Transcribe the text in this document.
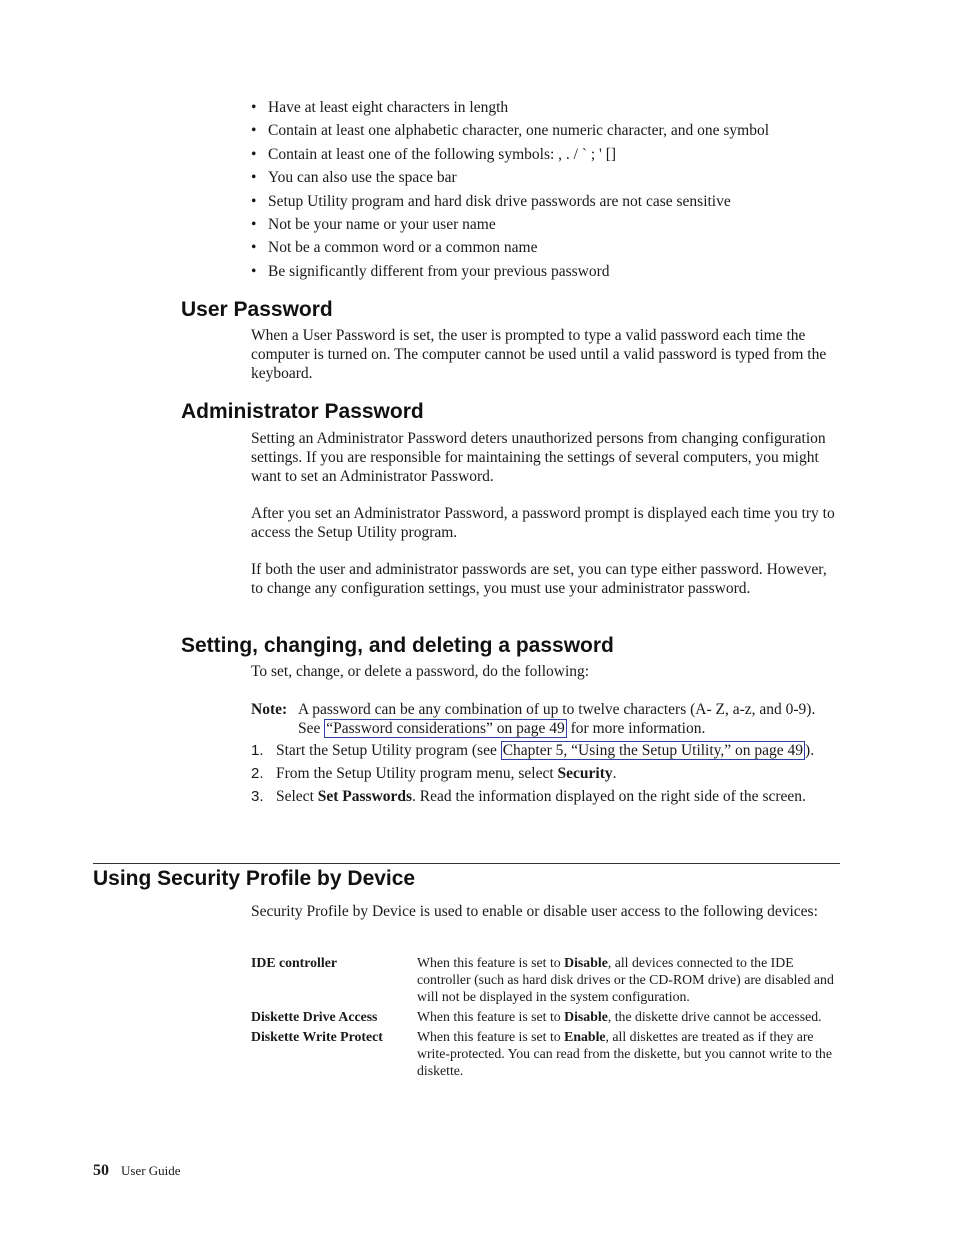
• Have at least eight characters in length
• Contain at least one alphabetic character, one numeric character, and one symbol
• Contain at least one of the following symbols: , . / ` ; ' []
• You can also use the space bar
• Setup Utility program and hard disk drive passwords are not case sensitive
• Not be your name or your user name
• Not be a common word or a common name
• Be significantly different from your previous password
User Password

When a User Password is set, the user is prompted to type a valid password each time the computer is turned on. The computer cannot be used until a valid password is typed from the keyboard.

Administrator Password

Setting an Administrator Password deters unauthorized persons from changing configuration settings. If you are responsible for maintaining the settings of several computers, you might want to set an Administrator Password.

After you set an Administrator Password, a password prompt is displayed each time you try to access the Setup Utility program.

If both the user and administrator passwords are set, you can type either password. However, to change any configuration settings, you must use your administrator password.

Setting, changing, and deleting a password

To set, change, or delete a password, do the following:

Note: A password can be any combination of up to twelve characters (A- Z, a-z, and 0-9). See “Password considerations” on page 49 for more information.
1. Start the Setup Utility program (see Chapter 5, “Using the Setup Utility,” on page 49 ).
2. From the Setup Utility program menu, select Security.
3. Select Set Passwords. Read the information displayed on the right side of the screen.
Using Security Profile by Device

Security Profile by Device is used to enable or disable user access to the following devices:

IDE controller	When this feature is set to Disable, all devices connected to the IDE controller (such as hard disk drives or the CD-ROM drive) are disabled and will not be displayed in the system configuration.
Diskette Drive Access	When this feature is set to Disable, the diskette drive cannot be accessed.
Diskette Write Protect When this feature is set to Enable, all diskettes are treated as if they are write-protected. You can read from the diskette, but you cannot write to the diskette.
50 User Guide
